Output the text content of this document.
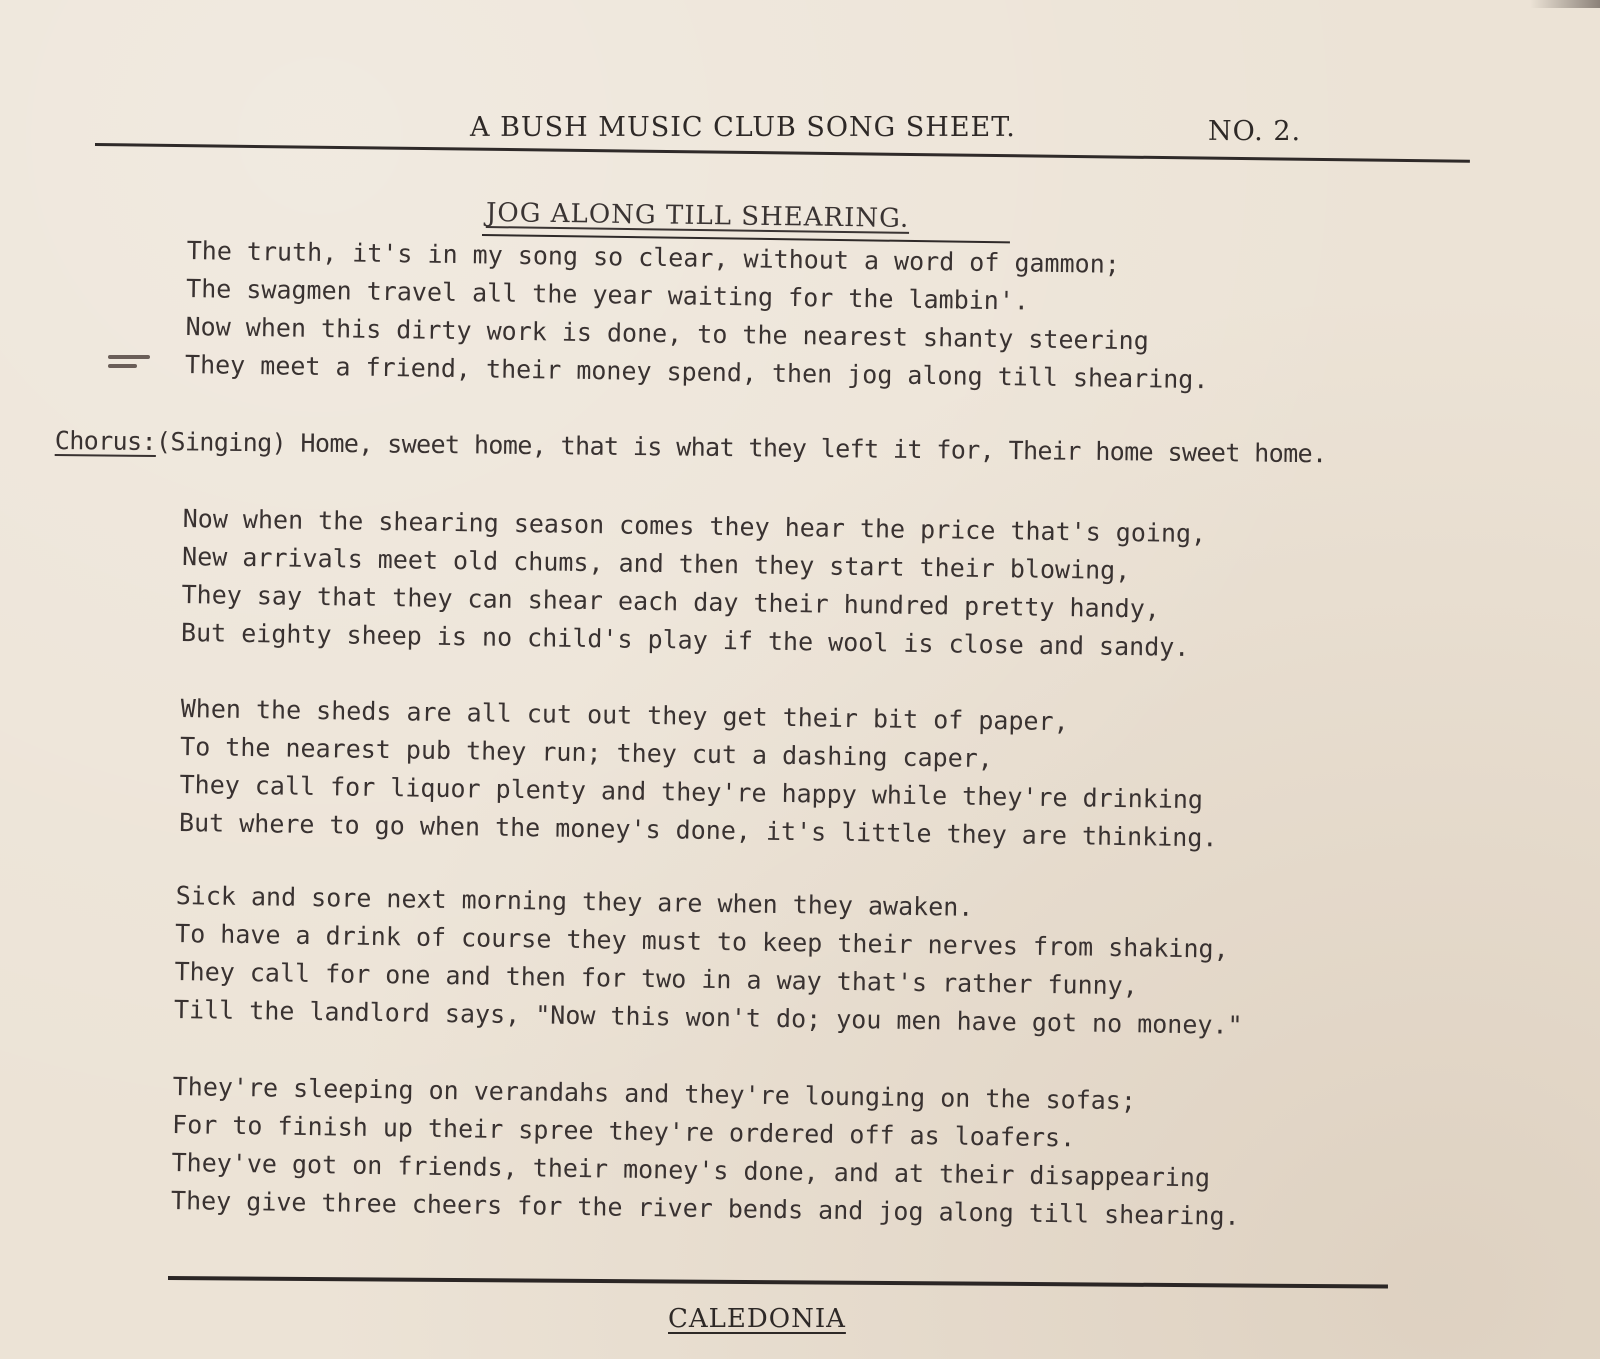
A BUSH MUSIC CLUB SONG SHEET.	NO. 2.
JOG ALONG TILL SHEARING.
The truth, it's in my song so clear, without a word of gammon;
The swagmen travel all the year waiting for the lambin'.
Now when this dirty work is done, to the nearest shanty steering
They meet a friend, their money spend, then jog along till shearing.
Chorus:(Singing) Home, sweet home, that is what they left it for, Their home sweet home.
Now when the shearing season comes they hear the price that's going,
New arrivals meet old chums, and then they start their blowing,
They say that they can shear each day their hundred pretty handy,
But eighty sheep is no child's play if the wool is close and sandy.
When the sheds are all cut out they get their bit of paper,
To the nearest pub they run; they cut a dashing caper,
They call for liquor plenty and they're happy while they're drinking
But where to go when the money's done, it's little they are thinking.
Sick and sore next morning they are when they awaken.
To have a drink of course they must to keep their nerves from shaking,
They call for one and then for two in a way that's rather funny,
Till the landlord says, "Now this won't do; you men have got no money."
They're sleeping on verandahs and they're lounging on the sofas;
For to finish up their spree they're ordered off as loafers.
They've got on friends, their money's done, and at their disappearing
They give three cheers for the river bends and jog along till shearing.
CALEDONIA
